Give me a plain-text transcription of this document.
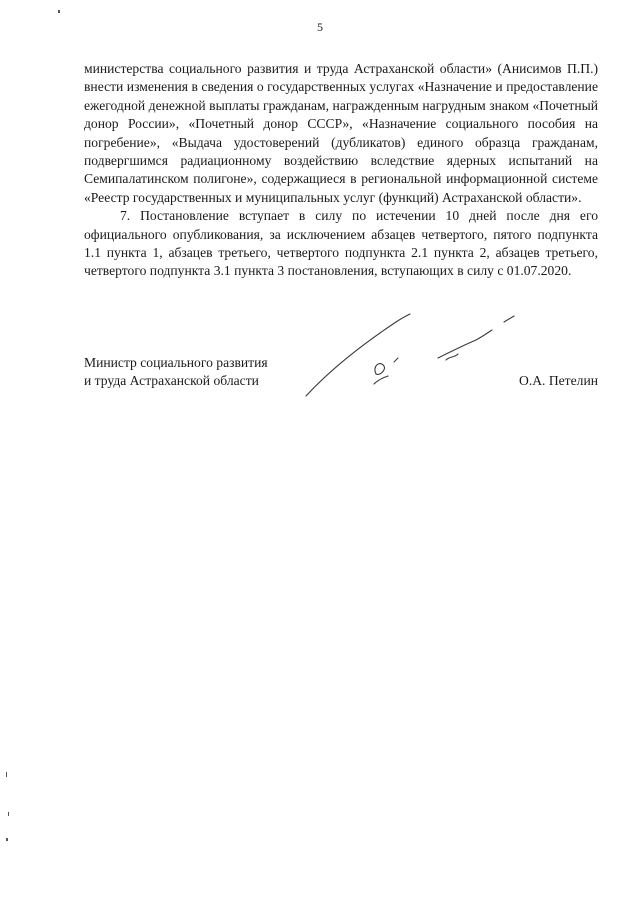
5

министерства социального развития и труда Астраханской области» (Анисимов П.П.) внести изменения в сведения о государственных услугах «Назначение и предоставление ежегодной денежной выплаты гражданам, награжденным нагрудным знаком «Почетный донор России», «Почетный донор СССР», «Назначение социального пособия на погребение», «Выдача удостоверений (дубликатов) единого образца гражданам, подвергшимся радиационному воздействию вследствие ядерных испытаний на Семипалатинском полигоне», содержащиеся в региональной информационной системе «Реестр государственных и муниципальных услуг (функций) Астраханской области».

7. Постановление вступает в силу по истечении 10 дней после дня его официального опубликования, за исключением абзацев четвертого, пятого подпункта 1.1 пункта 1, абзацев третьего, четвертого подпункта 2.1 пункта 2, абзацев третьего, четвертого подпункта 3.1 пункта 3 постановления, вступающих в силу с 01.07.2020.

Министр социального развития
и труда Астраханской области	О.А. Петелин
